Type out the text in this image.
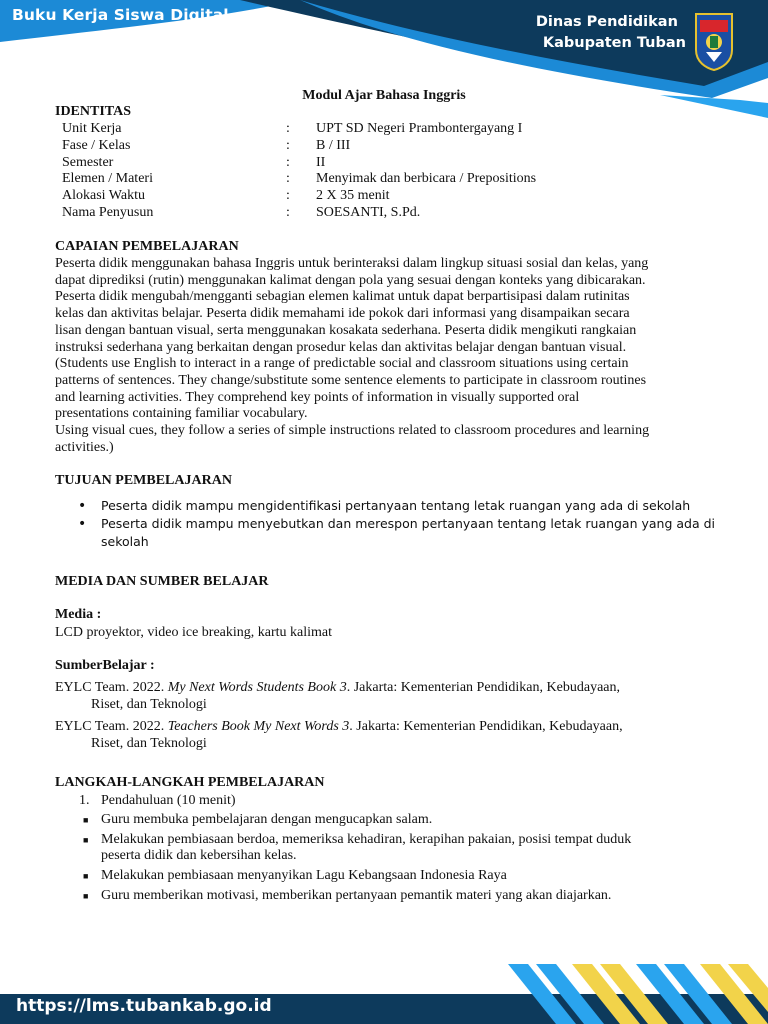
Buku Kerja Siswa Digital	Dinas Pendidikan
Kabupaten Tuban
Modul Ajar Bahasa Inggris
IDENTITAS
Unit Kerja	:	UPT SD Negeri Prambontergayang I
Fase / Kelas	:	B / III
Semester	:	II
Elemen / Materi	:	Menyimak dan berbicara / Prepositions
Alokasi Waktu	:	2 X 35 menit
Nama Penyusun	:	SOESANTI, S.Pd.
CAPAIAN PEMBELAJARAN
Peserta didik menggunakan bahasa Inggris untuk berinteraksi dalam lingkup situasi sosial dan kelas, yang
dapat diprediksi (rutin) menggunakan kalimat dengan pola yang sesuai dengan konteks yang dibicarakan.
Peserta didik mengubah/mengganti sebagian elemen kalimat untuk dapat berpartisipasi dalam rutinitas
kelas dan aktivitas belajar. Peserta didik memahami ide pokok dari informasi yang disampaikan secara
lisan dengan bantuan visual, serta menggunakan kosakata sederhana. Peserta didik mengikuti rangkaian
instruksi sederhana yang berkaitan dengan prosedur kelas dan aktivitas belajar dengan bantuan visual.
(Students use English to interact in a range of predictable social and classroom situations using certain
patterns of sentences. They change/substitute some sentence elements to participate in classroom routines
and learning activities. They comprehend key points of information in visually supported oral
presentations containing familiar vocabulary.
Using visual cues, they follow a series of simple instructions related to classroom procedures and learning
activities.)
TUJUAN PEMBELAJARAN
• Peserta didik mampu mengidentifikasi pertanyaan tentang letak ruangan yang ada di sekolah
• Peserta didik mampu menyebutkan dan merespon pertanyaan tentang letak ruangan yang ada di
sekolah
MEDIA DAN SUMBER BELAJAR
Media :
LCD proyektor, video ice breaking, kartu kalimat
SumberBelajar :
EYLC Team. 2022. My Next Words Students Book 3. Jakarta: Kementerian Pendidikan, Kebudayaan,
Riset, dan Teknologi
EYLC Team. 2022. Teachers Book My Next Words 3. Jakarta: Kementerian Pendidikan, Kebudayaan,
Riset, dan Teknologi
LANGKAH-LANGKAH PEMBELAJARAN
1. Pendahuluan (10 menit)
■ Guru membuka pembelajaran dengan mengucapkan salam.
■ Melakukan pembiasaan berdoa, memeriksa kehadiran, kerapihan pakaian, posisi tempat duduk
peserta didik dan kebersihan kelas.
■ Melakukan pembiasaan menyanyikan Lagu Kebangsaan Indonesia Raya
■ Guru memberikan motivasi, memberikan pertanyaan pemantik materi yang akan diajarkan.
https://lms.tubankab.go.id
